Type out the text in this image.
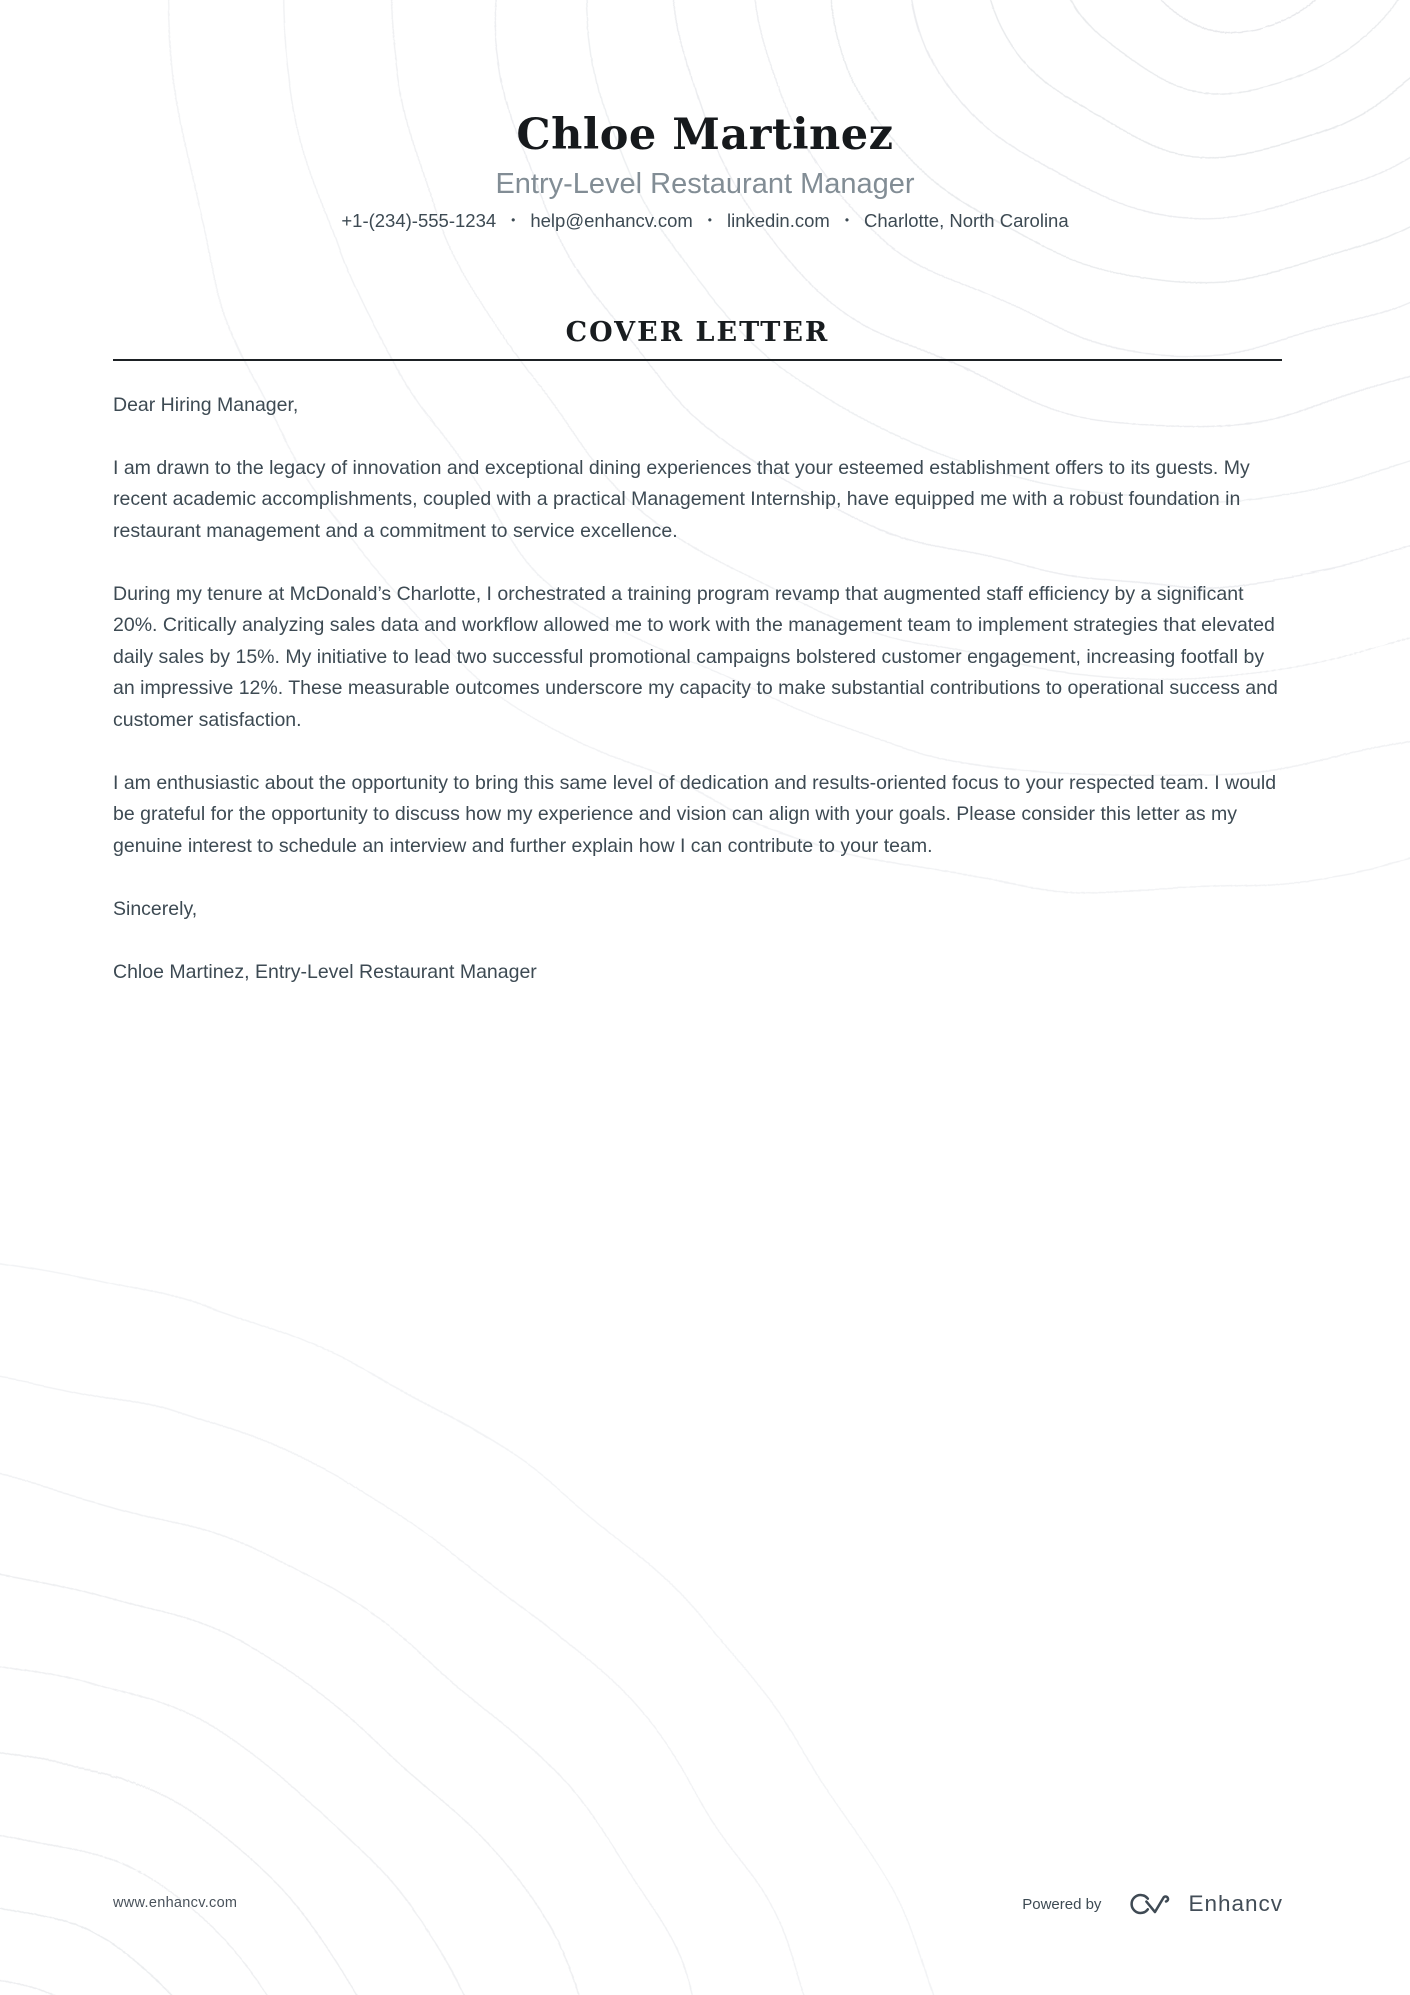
Chloe Martinez
Entry-Level Restaurant Manager
+1-(234)-555-1234 • help@enhancv.com • linkedin.com • Charlotte, North Carolina
COVER LETTER

Dear Hiring Manager,

I am drawn to the legacy of innovation and exceptional dining experiences that your esteemed establishment offers to its guests. My recent academic accomplishments, coupled with a practical Management Internship, have equipped me with a robust foundation in restaurant management and a commitment to service excellence.

During my tenure at McDonald’s Charlotte, I orchestrated a training program revamp that augmented staff efficiency by a significant 20%. Critically analyzing sales data and workflow allowed me to work with the management team to implement strategies that elevated daily sales by 15%. My initiative to lead two successful promotional campaigns bolstered customer engagement, increasing footfall by an impressive 12%. These measurable outcomes underscore my capacity to make substantial contributions to operational success and customer satisfaction.

I am enthusiastic about the opportunity to bring this same level of dedication and results-oriented focus to your respected team. I would be grateful for the opportunity to discuss how my experience and vision can align with your goals. Please consider this letter as my genuine interest to schedule an interview and further explain how I can contribute to your team.

Sincerely,

Chloe Martinez, Entry-Level Restaurant Manager

www.enhancv.com	Powered by	Enhancv
